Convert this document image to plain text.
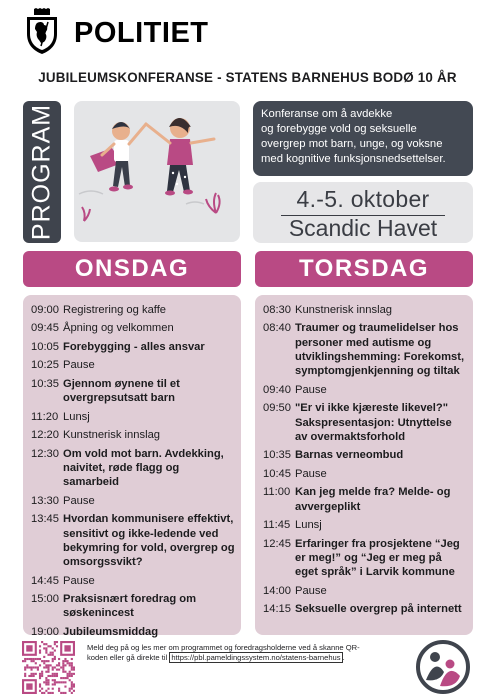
POLITIET
JUBILEUMSKONFERANSE - STATENS BARNEHUS BODØ 10 ÅR
PROGRAM	Konferanse om å avdekke
og forebygge vold og seksuelle
overgrep mot barn, unge, og voksne
med kognitive funksjonsnedsettelser.
4.-5. oktober
Scandic Havet
ONSDAG	TORSDAG
09:00 Registrering og kaffe
09:45 Åpning og velkommen
10:05 Forebygging - alles ansvar
10:25 Pause
10:35 Gjennom øynene til et overgrepsutsatt barn
11:20 Lunsj
12:20 Kunstnerisk innslag
12:30 Om vold mot barn. Avdekking, naivitet, røde flagg og samarbeid
13:30 Pause
13:45 Hvordan kommunisere effektivt, sensitivt og ikke-ledende ved bekymring for vold, overgrep og omsorgssvikt?
14:45 Pause
15:00 Praksisnært foredrag om søskenincest
19:00 Jubileumsmiddag
08:30 Kunstnerisk innslag
08:40 Traumer og traumelidelser hos personer med autisme og utviklingshemming: Forekomst, symptomgjenkjenning og tiltak
09:40 Pause
09:50 "Er vi ikke kjæreste likevel?" Sakspresentasjon: Utnyttelse av overmaktsforhold
10:35 Barnas verneombud
10:45 Pause
11:00 Kan jeg melde fra? Melde- og avvergeplikt
11:45 Lunsj
12:45 Erfaringer fra prosjektene “Jeg er meg!” og “Jeg er meg på eget språk” i Larvik kommune
14:00 Pause
14:15 Seksuelle overgrep på internett
Meld deg på og les mer om programmet og foredragsholderne ved å skanne QR-koden eller gå direkte til https://pbl.pameldingssystem.no/statens-barnehus .
